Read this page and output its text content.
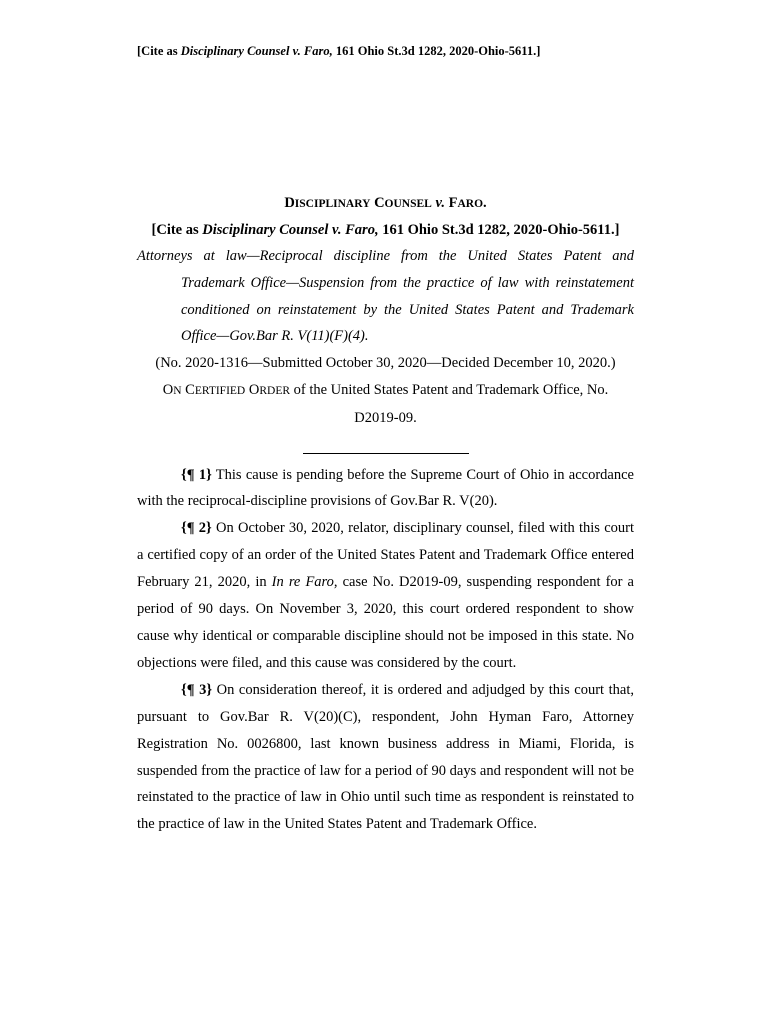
[Cite as Disciplinary Counsel v. Faro, 161 Ohio St.3d 1282, 2020-Ohio-5611.]

DISCIPLINARY COUNSEL v. FARO.

[Cite as Disciplinary Counsel v. Faro, 161 Ohio St.3d 1282, 2020-Ohio-5611.]

Attorneys at law—Reciprocal discipline from the United States Patent and Trademark Office—Suspension from the practice of law with reinstatement conditioned on reinstatement by the United States Patent and Trademark Office—Gov.Bar R. V(11)(F)(4).

(No. 2020-1316—Submitted October 30, 2020—Decided December 10, 2020.)

ON CERTIFIED ORDER of the United States Patent and Trademark Office, No.

D2019-09.

{¶ 1} This cause is pending before the Supreme Court of Ohio in accordance with the reciprocal-discipline provisions of Gov.Bar R. V(20).

{¶ 2} On October 30, 2020, relator, disciplinary counsel, filed with this court a certified copy of an order of the United States Patent and Trademark Office entered February 21, 2020, in In re Faro, case No. D2019-09, suspending respondent for a period of 90 days. On November 3, 2020, this court ordered respondent to show cause why identical or comparable discipline should not be imposed in this state. No objections were filed, and this cause was considered by the court.

{¶ 3} On consideration thereof, it is ordered and adjudged by this court that, pursuant to Gov.Bar R. V(20)(C), respondent, John Hyman Faro, Attorney Registration No. 0026800, last known business address in Miami, Florida, is suspended from the practice of law for a period of 90 days and respondent will not be reinstated to the practice of law in Ohio until such time as respondent is reinstated to the practice of law in the United States Patent and Trademark Office.
